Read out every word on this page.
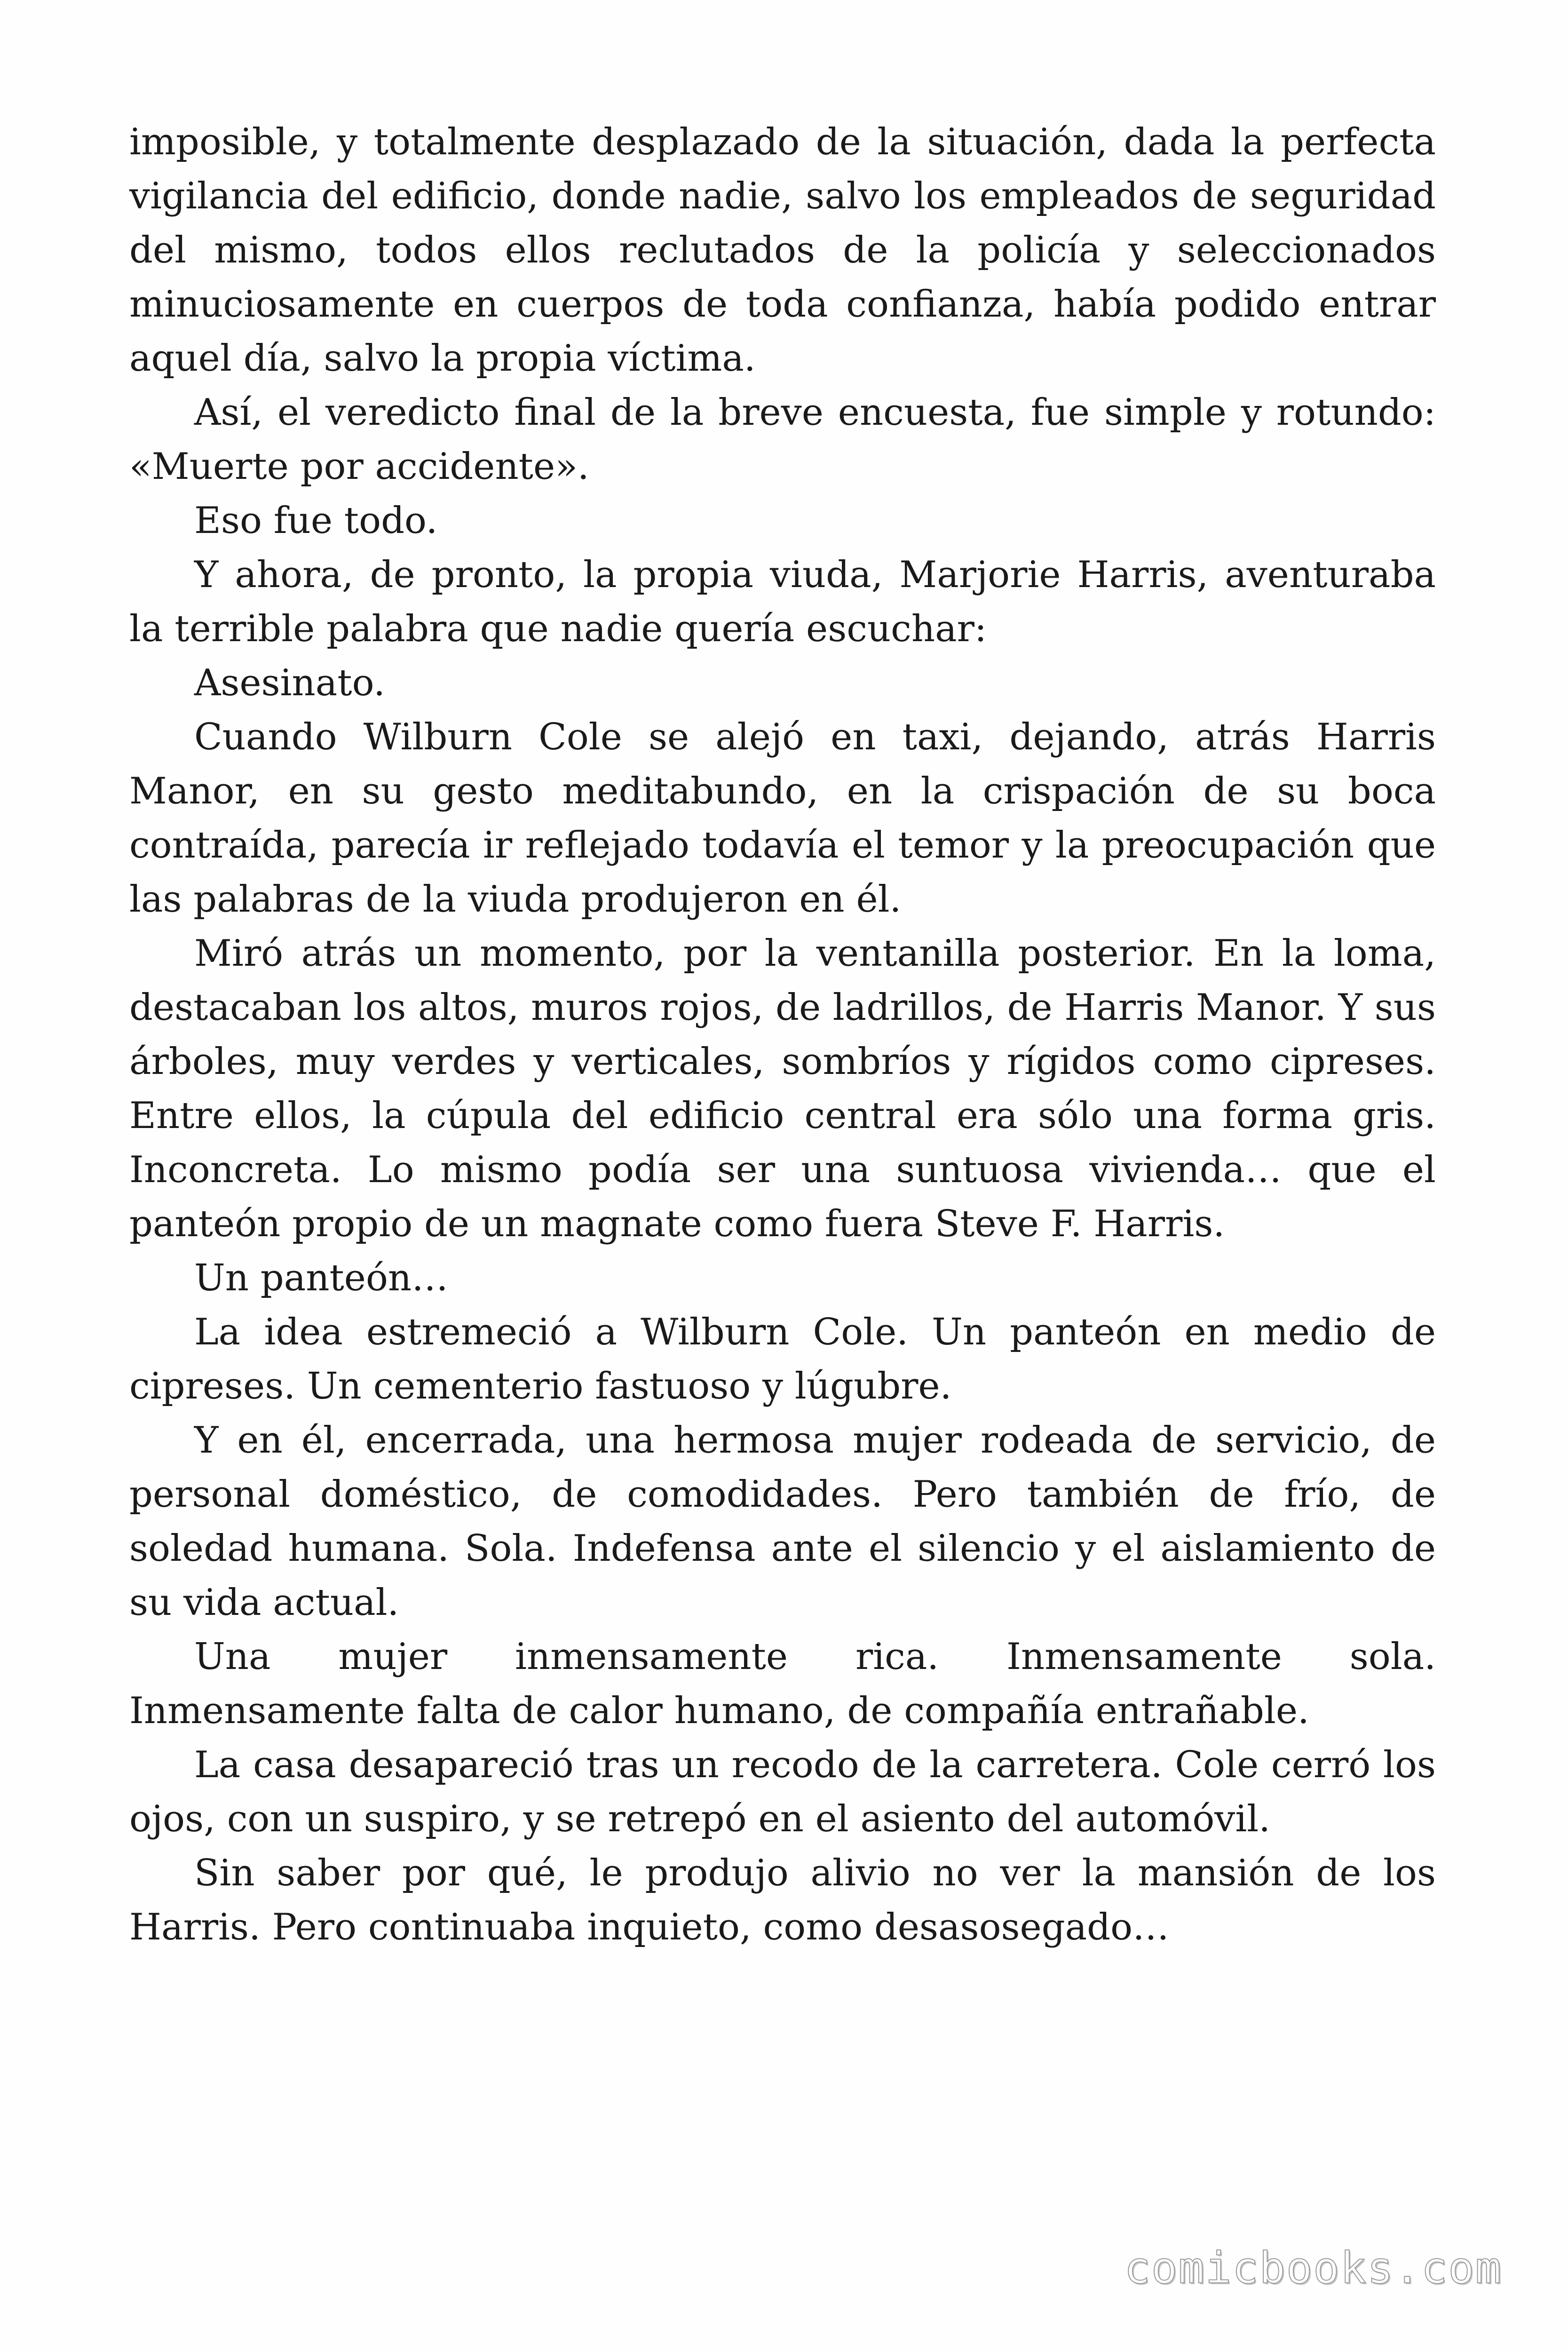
imposible, y totalmente desplazado de la situación, dada la perfecta vigilancia del edificio, donde nadie, salvo los empleados de seguridad del mismo, todos ellos reclutados de la policía y seleccionados minuciosamente en cuerpos de toda confianza, había podido entrar aquel día, salvo la propia víctima.

Así, el veredicto final de la breve encuesta, fue simple y rotundo: «Muerte por accidente».

Eso fue todo.

Y ahora, de pronto, la propia viuda, Marjorie Harris, aventuraba la terrible palabra que nadie quería escuchar:

Asesinato.

Cuando Wilburn Cole se alejó en taxi, dejando, atrás Harris Manor, en su gesto meditabundo, en la crispación de su boca contraída, parecía ir reflejado todavía el temor y la preocupación que las palabras de la viuda produjeron en él.

Miró atrás un momento, por la ventanilla posterior. En la loma, destacaban los altos, muros rojos, de ladrillos, de Harris Manor. Y sus árboles, muy verdes y verticales, sombríos y rígidos como cipreses. Entre ellos, la cúpula del edificio central era sólo una forma gris. Inconcreta. Lo mismo podía ser una suntuosa vivienda… que el panteón propio de un magnate como fuera Steve F. Harris.

Un panteón…

La idea estremeció a Wilburn Cole. Un panteón en medio de cipreses. Un cementerio fastuoso y lúgubre.

Y en él, encerrada, una hermosa mujer rodeada de servicio, de personal doméstico, de comodidades. Pero también de frío, de soledad humana. Sola. Indefensa ante el silencio y el aislamiento de su vida actual.

Una mujer inmensamente rica. Inmensamente sola. Inmensamente falta de calor humano, de compañía entrañable.

La casa desapareció tras un recodo de la carretera. Cole cerró los ojos, con un suspiro, y se retrepó en el asiento del automóvil.

Sin saber por qué, le produjo alivio no ver la mansión de los Harris. Pero continuaba inquieto, como desasosegado…

comicbooks.com
